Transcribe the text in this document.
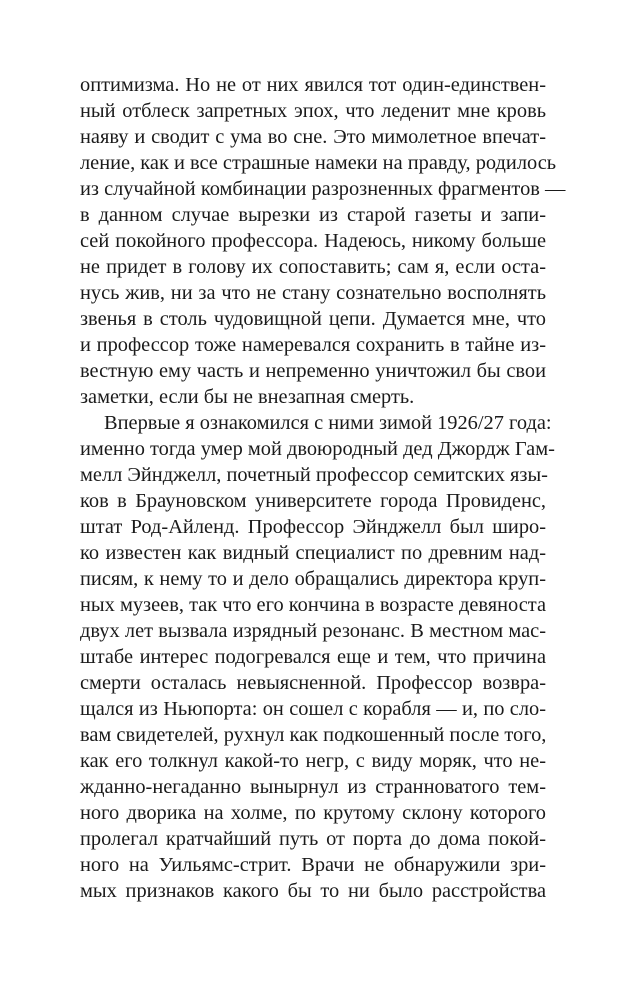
оптимизма. Но не от них явился тот один-единствен-
ный отблеск запретных эпох, что леденит мне кровь
наяву и сводит с ума во сне. Это мимолетное впечат-
ление, как и все страшные намеки на правду, родилось
из случайной комбинации разрозненных фрагментов —
в данном случае вырезки из старой газеты и запи-
сей покойного профессора. Надеюсь, никому больше
не придет в голову их сопоставить; сам я, если оста-
нусь жив, ни за что не стану сознательно восполнять
звенья в столь чудовищной цепи. Думается мне, что
и профессор тоже намеревался сохранить в тайне из-
вестную ему часть и непременно уничтожил бы свои
заметки, если бы не внезапная смерть.
Впервые я ознакомился с ними зимой 1926/27 года:
именно тогда умер мой двоюродный дед Джордж Гам-
мелл Эйнджелл, почетный профессор семитских язы-
ков в Брауновском университете города Провиденс,
штат Род-Айленд. Профессор Эйнджелл был широ-
ко известен как видный специалист по древним над-
писям, к нему то и дело обращались директора круп-
ных музеев, так что его кончина в возрасте девяноста
двух лет вызвала изрядный резонанс. В местном мас-
штабе интерес подогревался еще и тем, что причина
смерти осталась невыясненной. Профессор возвра-
щался из Ньюпорта: он сошел с корабля — и, по сло-
вам свидетелей, рухнул как подкошенный после того,
как его толкнул какой-то негр, с виду моряк, что не-
жданно-негаданно вынырнул из странноватого тем-
ного дворика на холме, по крутому склону которого
пролегал кратчайший путь от порта до дома покой-
ного на Уильямс-стрит. Врачи не обнаружили зри-
мых признаков какого бы то ни было расстройства
